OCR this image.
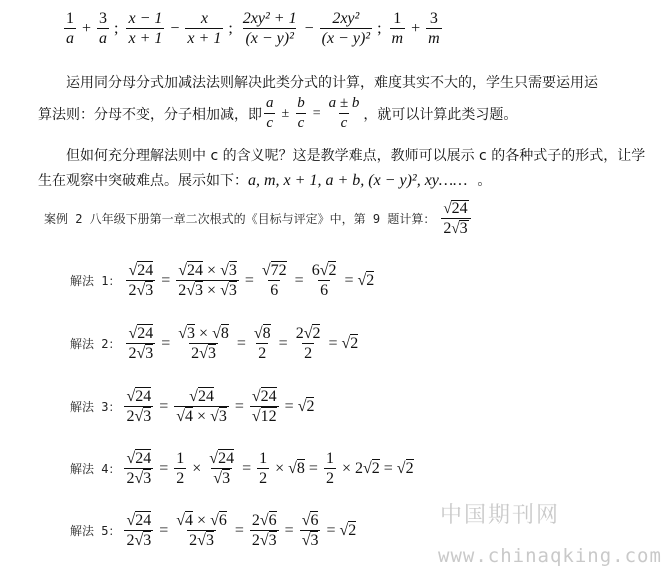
$\frac{1}{a} + \frac{3}{a}$ ; $\frac{x - 1}{x + 1} - \frac{x}{x + 1}$ ; $\frac{\text{2xy² + 1}}{\text{(x − y)²}} - \frac{\text{2xy²}}{\text{(x − y)²}}$ ; $\frac{1}{m} + \frac{3}{m}$
运用同分母分式加减法法则解决此类分式的计算，难度其实不大的，学生只需要运用运
算法则：分母不变，分子相加减，即 $\frac{a}{c} \pm \frac{b}{c} = \frac{a \pm b}{c}$ ，就可以计算此类习题。
但如何充分理解法则中 c 的含义呢？这是教学难点，教师可以展示 c 的各种式子的形式，让学
生在观察中突破难点。展示如下：a, m, x + 1, a + b, (x − y)², xy…… 。
案例 2 八年级下册第一章二次根式的《目标与评定》中，第 9 题计算： $\frac{√ 24}{2 √ 3}$
解法 1： $\frac{√24}{2√3} = \frac{√24 \times √3}{2√3 \times √3} = \frac{√72}{6} = \frac{6√2}{6} = √2$
解法 2： $\frac{√24}{2√3} = \frac{√3 \times √8}{2√3} = \frac{√8}{2} = \frac{2√2}{2} = √2$
解法 3： $\frac{√24}{2√3} = \frac{√24}{√4 \times √3} = \frac{√24}{√12} = √2$
解法 4： $\frac{√24}{2√3} = \frac{1}{2} \times \frac{√24}{√3} = \frac{1}{2} \times √8 = \frac{1}{2} \times 2√2 = √2$
解法 5： $\frac{√24}{2√3} = \frac{√4 \times √6}{2√3} = \frac{2√6}{2√3} = \frac{√6}{√3} = √2$
中国期刊网
www.chinaqking.com
